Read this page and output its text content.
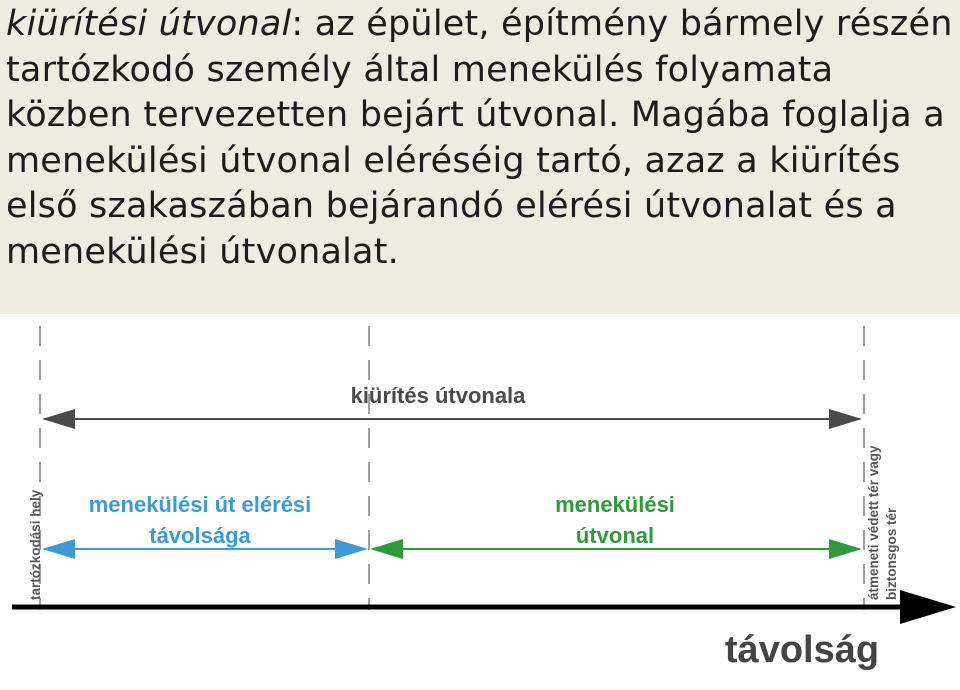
kiürítési útvonal: az épület, építmény bármely részén tartózkodó személy által menekülés folyamata közben tervezetten bejárt útvonal. Magába foglalja a menekülési útvonal eléréséig tartó, azaz a kiürítés első szakaszában bejárandó elérési útvonalat és a menekülési útvonalat.

kiürítés útvonala
menekülési út elérési
távolsága
menekülési
útvonal
tartózkodási hely	átmeneti védett tér vagy biztonsgos tér
távolság
